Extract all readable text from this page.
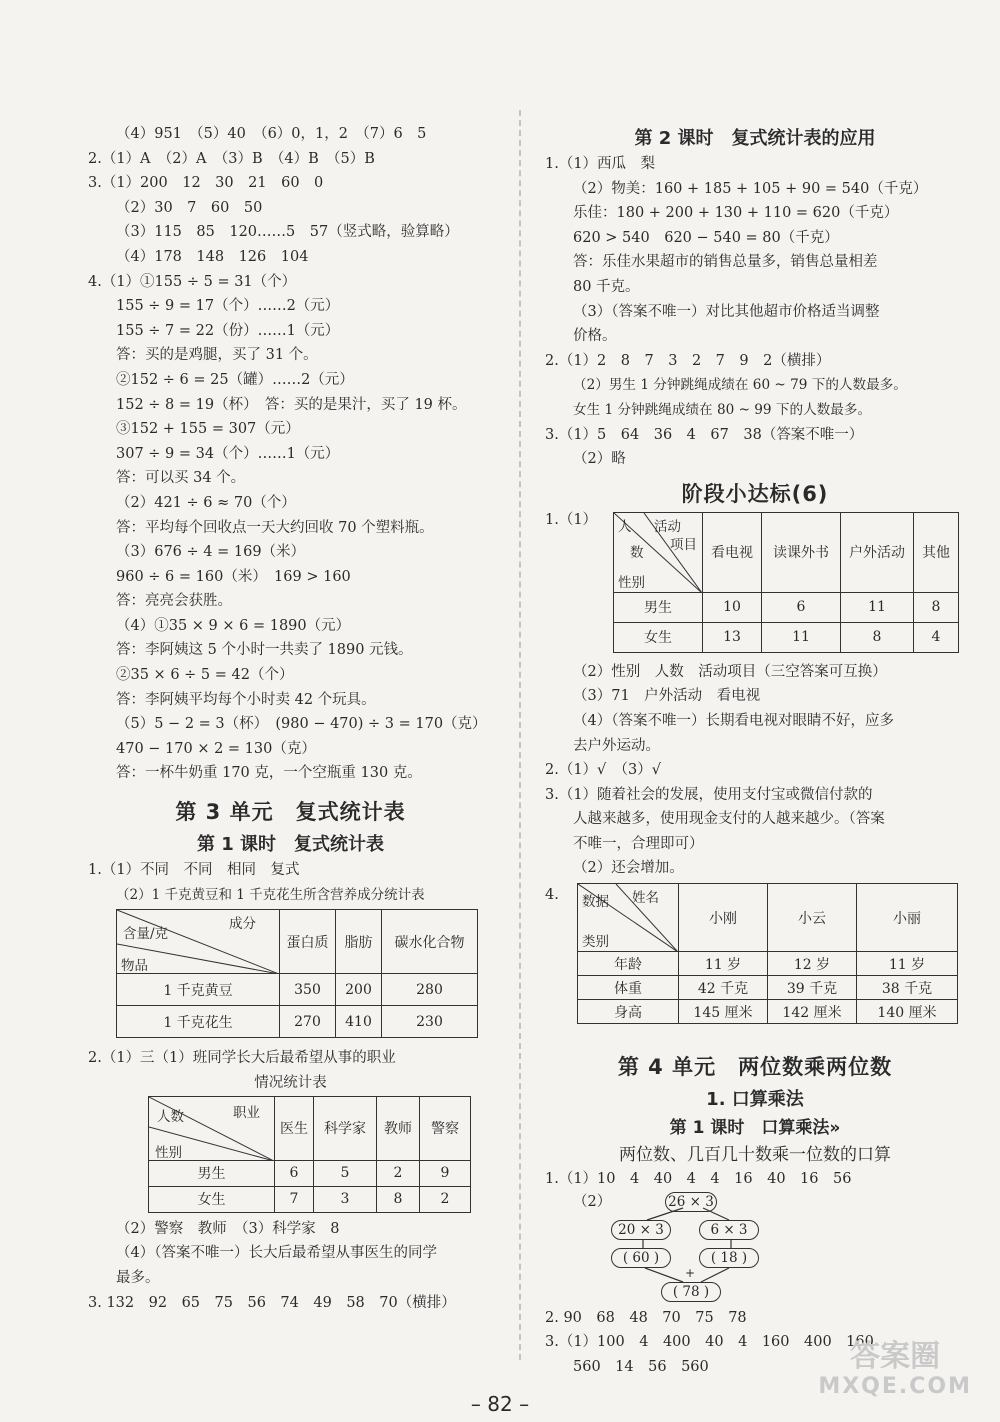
（4）951　（5）40　（6）0，1，2　（7）6　5
2.（1）A　（2）A　（3）B　（4）B　（5）B
3.（1）200　12　30　21　60　0
（2）30　7　60　50
（3）115　85　120……5　57（竖式略，验算略）
（4）178　148　126　104
4.（1）①155 ÷ 5 = 31（个）
155 ÷ 9 = 17（个）……2（元）
155 ÷ 7 = 22（份）……1（元）
答：买的是鸡腿，买了 31 个。
②152 ÷ 6 = 25（罐）……2（元）
152 ÷ 8 = 19（杯）　答：买的是果汁，买了 19 杯。
③152 + 155 = 307（元）
307 ÷ 9 = 34（个）……1（元）
答：可以买 34 个。
（2）421 ÷ 6 ≈ 70（个）
答：平均每个回收点一天大约回收 70 个塑料瓶。
（3）676 ÷ 4 = 169（米）
960 ÷ 6 = 160（米）　169 > 160
答：亮亮会获胜。
（4）①35 × 9 × 6 = 1890（元）
答：李阿姨这 5 个小时一共卖了 1890 元钱。
②35 × 6 ÷ 5 = 42（个）
答：李阿姨平均每个小时卖 42 个玩具。
（5）5 − 2 = 3（杯）　(980 − 470) ÷ 3 = 170（克）
470 − 170 × 2 = 130（克）
答：一杯牛奶重 170 克，一个空瓶重 130 克。
第 3 单元　复式统计表
第 1 课时　复式统计表
1.（1）不同　不同　相同　复式
（2）1 千克黄豆和 1 千克花生所含营养成分统计表
成分
含量/克
物品	蛋白质	脂肪	碳水化合物
1 千克黄豆	350	200	280
1 千克花生	270	410	230
2.（1）三（1）班同学长大后最希望从事的职业
情况统计表
职业
人数
性别	医生	科学家	教师	警察
男生	6	5	2	9
女生	7	3	8	2
（2）警察　教师　（3）科学家　8
（4）（答案不唯一）长大后最希望从事医生的同学
最多。
3. 132　92　65　75　56　74　49　58　70（横排）
第 2 课时　复式统计表的应用
1.（1）西瓜　梨
（2）物美：160 + 185 + 105 + 90 = 540（千克）
乐佳：180 + 200 + 130 + 110 = 620（千克）
620 > 540　620 − 540 = 80（千克）
答：乐佳水果超市的销售总量多，销售总量相差
80 千克。
（3）（答案不唯一）对比其他超市价格适当调整
价格。
2.（1）2　8　7　3　2　7　9　2（横排）
（2）男生 1 分钟跳绳成绩在 60 ~ 79 下的人数最多。
女生 1 分钟跳绳成绩在 80 ~ 99 下的人数最多。
3.（1）5　64　36　4　67　38（答案不唯一）
（2）略
阶段小达标(6)
1.（1） 人 活动
项目
数
性别	看电视	读课外书	户外活动	其他
男生	10	6	11	8
女生	13	11	8	4
（2）性别　人数　活动项目（三空答案可互换）
（3）71　户外活动　看电视
（4）（答案不唯一）长期看电视对眼睛不好，应多
去户外运动。
2.（1）√　（3）√
3.（1）随着社会的发展，使用支付宝或微信付款的
人越来越多，使用现金支付的人越来越少。（答案
不唯一，合理即可）
（2）还会增加。
4.	姓名
数据
类别	小刚	小云	小丽
年龄	11 岁	12 岁	11 岁
体重	42 千克	39 千克	38 千克
身高	145 厘米	142 厘米	140 厘米
第 4 单元　两位数乘两位数
1. 口算乘法
第 1 课时　口算乘法»
两位数、几百几十数乘一位数的口算
1.（1）10　4　40　4　4　16　40　16　56
（2）	26 × 3
20 × 3	6 × 3
( 60 )	( 18 )
+
( 78 )
2. 90　68　48　70　75　78
3.（1）100　4　400　40　4　160　400　160
560　14　56　560
– 82 –
答案圈
MXQE.COM
